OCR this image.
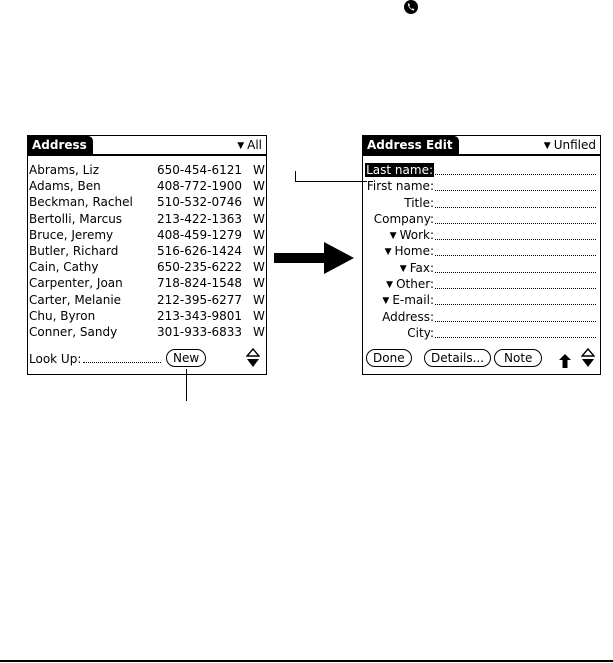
Address	▼ All
Abrams, Liz	650-454-6121 W
Adams, Ben	408-772-1900 W
Beckman, Rachel 510-532-0746 W
Bertolli, Marcus	213-422-1363 W
Bruce, Jeremy	408-459-1279 W
Butler, Richard	516-626-1424 W
Cain, Cathy	650-235-6222 W
Carpenter, Joan	718-824-1548 W
Carter, Melanie	212-395-6277 W
Chu, Byron	213-343-9801 W
Conner, Sandy	301-933-6833 W
Look Up:	New
Address Edit	▼ Unfiled
Last name:
First name:
Title:
Company:
▼ Work:
▼ Home:
▼ Fax:
▼ Other:
▼ E-mail:
Address:
City:
Done	Details...	Note
